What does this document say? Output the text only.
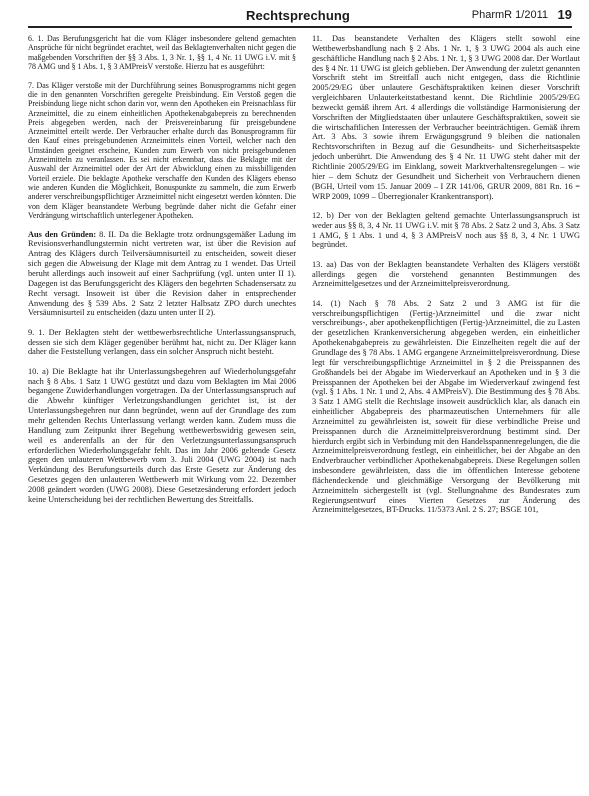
Rechtsprechung	PharmR 1/2011 19

6. 1. Das Berufungsgericht hat die vom Kläger insbesondere geltend gemachten Ansprüche für nicht begründet erachtet, weil das Beklagtenverhalten nicht gegen die maßgebenden Vorschriften der §§ 3 Abs. 1, 3 Nr. 1, §§ 1, 4 Nr. 11 UWG i.V. mit § 78 AMG und § 1 Abs. 1, § 3 AMPreisV verstoße. Hierzu hat es ausgeführt:

7. Das Kläger verstoße mit der Durchführung seines Bonusprogramms nicht gegen die in den genannten Vorschriften geregelte Preisbindung. Ein Verstoß gegen die Preisbindung liege nicht schon darin vor, wenn den Apotheken ein Preisnachlass für Arzneimittel, die zu einem einheitlichen Apothekenabgabepreis zu berechnenden Preis abgegeben werden, nach der Preisvereinbarung für preisgebundene Arzneimittel erteilt werde. Der Verbraucher erhalte durch das Bonusprogramm für den Kauf eines preisgebundenen Arzneimittels einen Vorteil, welcher nach den Umständen geeignet erscheine, Kunden zum Erwerb von nicht preisgebundenen Arzneimitteln zu veranlassen. Es sei nicht erkennbar, dass die Beklagte mit der Auswahl der Arzneimittel oder der Art der Abwicklung einen zu missbilligenden Vorteil erziele. Die beklagte Apotheke verschaffe den Kunden des Klägers ebenso wie anderen Kunden die Möglichkeit, Bonuspunkte zu sammeln, die zum Erwerb anderer verschreibungspflichtiger Arzneimittel nicht eingesetzt werden könnten. Die von dem Kläger beanstandete Werbung begründe daher nicht die Gefahr einer Verdrängung wirtschaftlich unterlegener Apotheken.

Aus den Gründen: 8. II. Da die Beklagte trotz ordnungsgemäßer Ladung im Revisionsverhandlungstermin nicht vertreten war, ist über die Revision auf Antrag des Klägers durch Teilversäumnisurteil zu entscheiden, soweit dieser sich gegen die Abweisung der Klage mit dem Antrag zu 1 wendet. Das Urteil beruht allerdings auch insoweit auf einer Sachprüfung (vgl. unten unter II 1). Dagegen ist das Berufungsgericht des Klägers den begehrten Schadensersatz zu Recht versagt. Insoweit ist über die Revision daher in entsprechender Anwendung des § 539 Abs. 2 Satz 2 letzter Halbsatz ZPO durch unechtes Versäumnisurteil zu entscheiden (dazu unten unter II 2).

9. 1. Der Beklagten steht der wettbewerbsrechtliche Unterlassungsanspruch, dessen sie sich dem Kläger gegenüber berühmt hat, nicht zu. Der Kläger kann daher die Feststellung verlangen, dass ein solcher Anspruch nicht besteht.

10. a) Die Beklagte hat ihr Unterlassungsbegehren auf Wiederholungsgefahr nach § 8 Abs. 1 Satz 1 UWG gestützt und dazu vom Beklagten im Mai 2006 begangene Zuwiderhandlungen vorgetragen. Da der Unterlassungsanspruch auf die Abwehr künftiger Verletzungshandlungen gerichtet ist, ist der Unterlassungsbegehren nur dann begründet, wenn auf der Grundlage des zum mehr geltenden Rechts Unterlassung verlangt werden kann. Zudem muss die Handlung zum Zeitpunkt ihrer Begehung wettbewerbswidrig gewesen sein, weil es anderenfalls an der für den Verletzungsunterlassungsanspruch erforderlichen Wiederholungsgefahr fehlt. Das im Jahr 2006 geltende Gesetz gegen den unlauteren Wettbewerb vom 3. Juli 2004 (UWG 2004) ist nach Verkündung des Berufungsurteils durch das Erste Gesetz zur Änderung des Gesetzes gegen den unlauteren Wettbewerb mit Wirkung vom 22. Dezember 2008 geändert worden (UWG 2008). Diese Gesetzesänderung erfordert jedoch keine Unterscheidung bei der rechtlichen Bewertung des Streitfalls.

11. Das beanstandete Verhalten des Klägers stellt sowohl eine Wettbewerbshandlung nach § 2 Abs. 1 Nr. 1, § 3 UWG 2004 als auch eine geschäftliche Handlung nach § 2 Abs. 1 Nr. 1, § 3 UWG 2008 dar. Der Wortlaut des § 4 Nr. 11 UWG ist gleich geblieben. Der Anwendung der zuletzt genannten Vorschrift steht im Streitfall auch nicht entgegen, dass die Richtlinie 2005/29/EG über unlautere Geschäftspraktiken keinen dieser Vorschrift vergleichbaren Unlauterkeitstatbestand kennt. Die Richtlinie 2005/29/EG bezweckt gemäß ihrem Art. 4 allerdings die vollständige Harmonisierung der Vorschriften der Mitgliedstaaten über unlautere Geschäftspraktiken, soweit sie die wirtschaftlichen Interessen der Verbraucher beeinträchtigen. Gemäß ihrem Art. 3 Abs. 3 sowie ihrem Erwägungsgrund 9 bleiben die nationalen Rechtsvorschriften in Bezug auf die Gesundheits- und Sicherheitsaspekte jedoch unberührt. Die Anwendung des § 4 Nr. 11 UWG steht daher mit der Richtlinie 2005/29/EG im Einklang, soweit Marktverhaltensregelungen – wie hier – dem Schutz der Gesundheit und Sicherheit von Verbrauchern dienen (BGH, Urteil vom 15. Januar 2009 – I ZR 141/06, GRUR 2009, 881 Rn. 16 = WRP 2009, 1099 – Überregionaler Krankentransport).

12. b) Der von der Beklagten geltend gemachte Unterlassungsanspruch ist weder aus §§ 8, 3, 4 Nr. 11 UWG i.V. mit § 78 Abs. 2 Satz 2 und 3, Abs. 3 Satz 1 AMG, § 1 Abs. 1 und 4, § 3 AMPreisV noch aus §§ 8, 3, 4 Nr. 1 UWG begründet.

13. aa) Das von der Beklagten beanstandete Verhalten des Klägers verstößt allerdings gegen die vorstehend genannten Bestimmungen des Arzneimittelgesetzes und der Arzneimittelpreisverordnung.

14. (1) Nach § 78 Abs. 2 Satz 2 und 3 AMG ist für die verschreibungspflichtigen (Fertig-)Arzneimittel und die zwar nicht verschreibungs-, aber apothekenpflichtigen (Fertig-)Arzneimittel, die zu Lasten der gesetzlichen Krankenversicherung abgegeben werden, ein einheitlicher Apothekenabgabepreis zu gewährleisten. Die Einzelheiten regelt die auf der Grundlage des § 78 Abs. 1 AMG ergangene Arzneimittelpreisverordnung. Diese legt für verschreibungspflichtige Arzneimittel in § 2 die Preisspannen des Großhandels bei der Abgabe im Wiederverkauf an Apotheken und in § 3 die Preisspannen der Apotheken bei der Abgabe im Wiederverkauf zwingend fest (vgl. § 1 Abs. 1 Nr. 1 und 2, Abs. 4 AMPreisV). Die Bestimmung des § 78 Abs. 3 Satz 1 AMG stellt die Rechtslage insoweit ausdrücklich klar, als danach ein einheitlicher Abgabepreis des pharmazeutischen Unternehmers für alle Arzneimittel zu gewährleisten ist, soweit für diese verbindliche Preise und Preisspannen durch die Arzneimittelpreisverordnung bestimmt sind. Der hierdurch ergibt sich in Verbindung mit den Handelsspannenregelungen, die die Arzneimittelpreisverordnung festlegt, ein einheitlicher, bei der Abgabe an den Endverbraucher verbindlicher Apothekenabgabepreis. Diese Regelungen sollen insbesondere gewährleisten, dass die im öffentlichen Interesse gebotene flächendeckende und gleichmäßige Versorgung der Bevölkerung mit Arzneimitteln sichergestellt ist (vgl. Stellungnahme des Bundesrates zum Regierungsentwurf eines Vierten Gesetzes zur Änderung des Arzneimittelgesetzes, BT-Drucks. 11/5373 Anl. 2 S. 27; BSGE 101,
